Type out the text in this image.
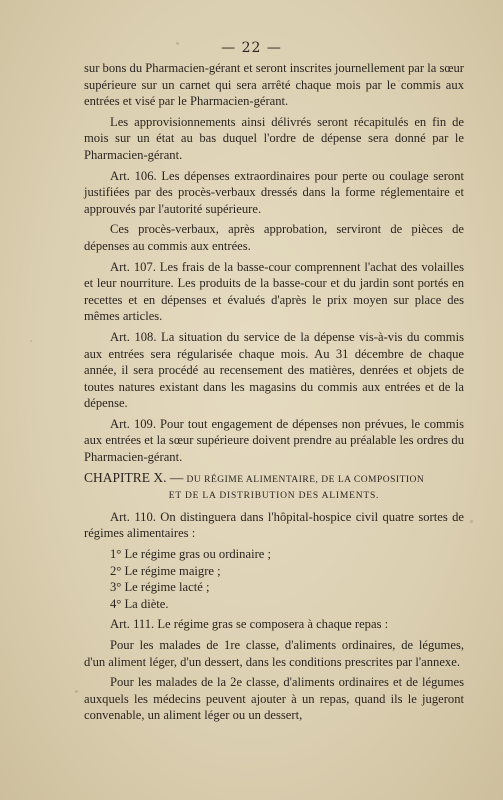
— 22 —

sur bons du Pharmacien-gérant et seront inscrites journellement par la sœur supérieure sur un carnet qui sera arrêté chaque mois par le commis aux entrées et visé par le Pharmacien-gérant.

Les approvisionnements ainsi délivrés seront récapitulés en fin de mois sur un état au bas duquel l'ordre de dépense sera donné par le Pharmacien-gérant.

Art. 106. Les dépenses extraordinaires pour perte ou coulage seront justifiées par des procès-verbaux dressés dans la forme réglementaire et approuvés par l'autorité supérieure.

Ces procès-verbaux, après approbation, serviront de pièces de dépenses au commis aux entrées.

Art. 107. Les frais de la basse-cour comprennent l'achat des volailles et leur nourriture. Les produits de la basse-cour et du jardin sont portés en recettes et en dépenses et évalués d'après le prix moyen sur place des mêmes articles.

Art. 108. La situation du service de la dépense vis-à-vis du commis aux entrées sera régularisée chaque mois. Au 31 décembre de chaque année, il sera procédé au recensement des matières, denrées et objets de toutes natures existant dans les magasins du commis aux entrées et de la dépense.

Art. 109. Pour tout engagement de dépenses non prévues, le commis aux entrées et la sœur supérieure doivent prendre au préalable les ordres du Pharmacien-gérant.

CHAPITRE X. — DU RÉGIME ALIMENTAIRE, DE LA COMPOSITION
ET DE LA DISTRIBUTION DES ALIMENTS.

Art. 110. On distinguera dans l'hôpital-hospice civil quatre sortes de régimes alimentaires :

1° Le régime gras ou ordinaire ;
2° Le régime maigre ;
3° Le régime lacté ;
4° La diète.

Art. 111. Le régime gras se composera à chaque repas :

Pour les malades de 1re classe, d'aliments ordinaires, de légumes, d'un aliment léger, d'un dessert, dans les conditions prescrites par l'annexe.

Pour les malades de la 2e classe, d'aliments ordinaires et de légumes auxquels les médecins peuvent ajouter à un repas, quand ils le jugeront convenable, un aliment léger ou un dessert,
